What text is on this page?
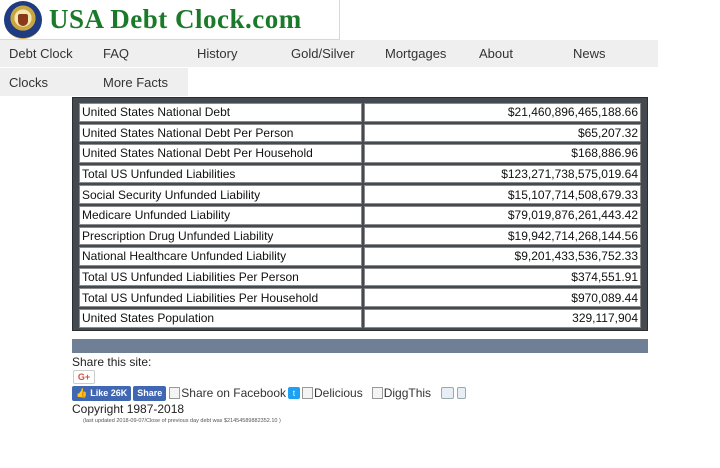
USA Debt Clock.com
Debt Clock	FAQ	History	Gold/Silver	Mortgages	About	News
Clocks	More Facts
United States National Debt	$21,460,896,465,188.66
United States National Debt Per Person	$65,207.32
United States National Debt Per Household	$168,886.96
Total US Unfunded Liabilities	$123,271,738,575,019.64
Social Security Unfunded Liability	$15,107,714,508,679.33
Medicare Unfunded Liability	$79,019,876,261,443.42
Prescription Drug Unfunded Liability	$19,942,714,268,144.56
National Healthcare Unfunded Liability	$9,201,433,536,752.33
Total US Unfunded Liabilities Per Person	$374,551.91
Total US Unfunded Liabilities Per Household	$970,089.44
United States Population	329,117,904
Share this site:
G+
👍 Like 26K	Share	Share on Facebook t	Delicious DiggThis
Copyright 1987-2018
(last updated 2018-09-07/Close of previous day debt was $21454589882352.10 )
